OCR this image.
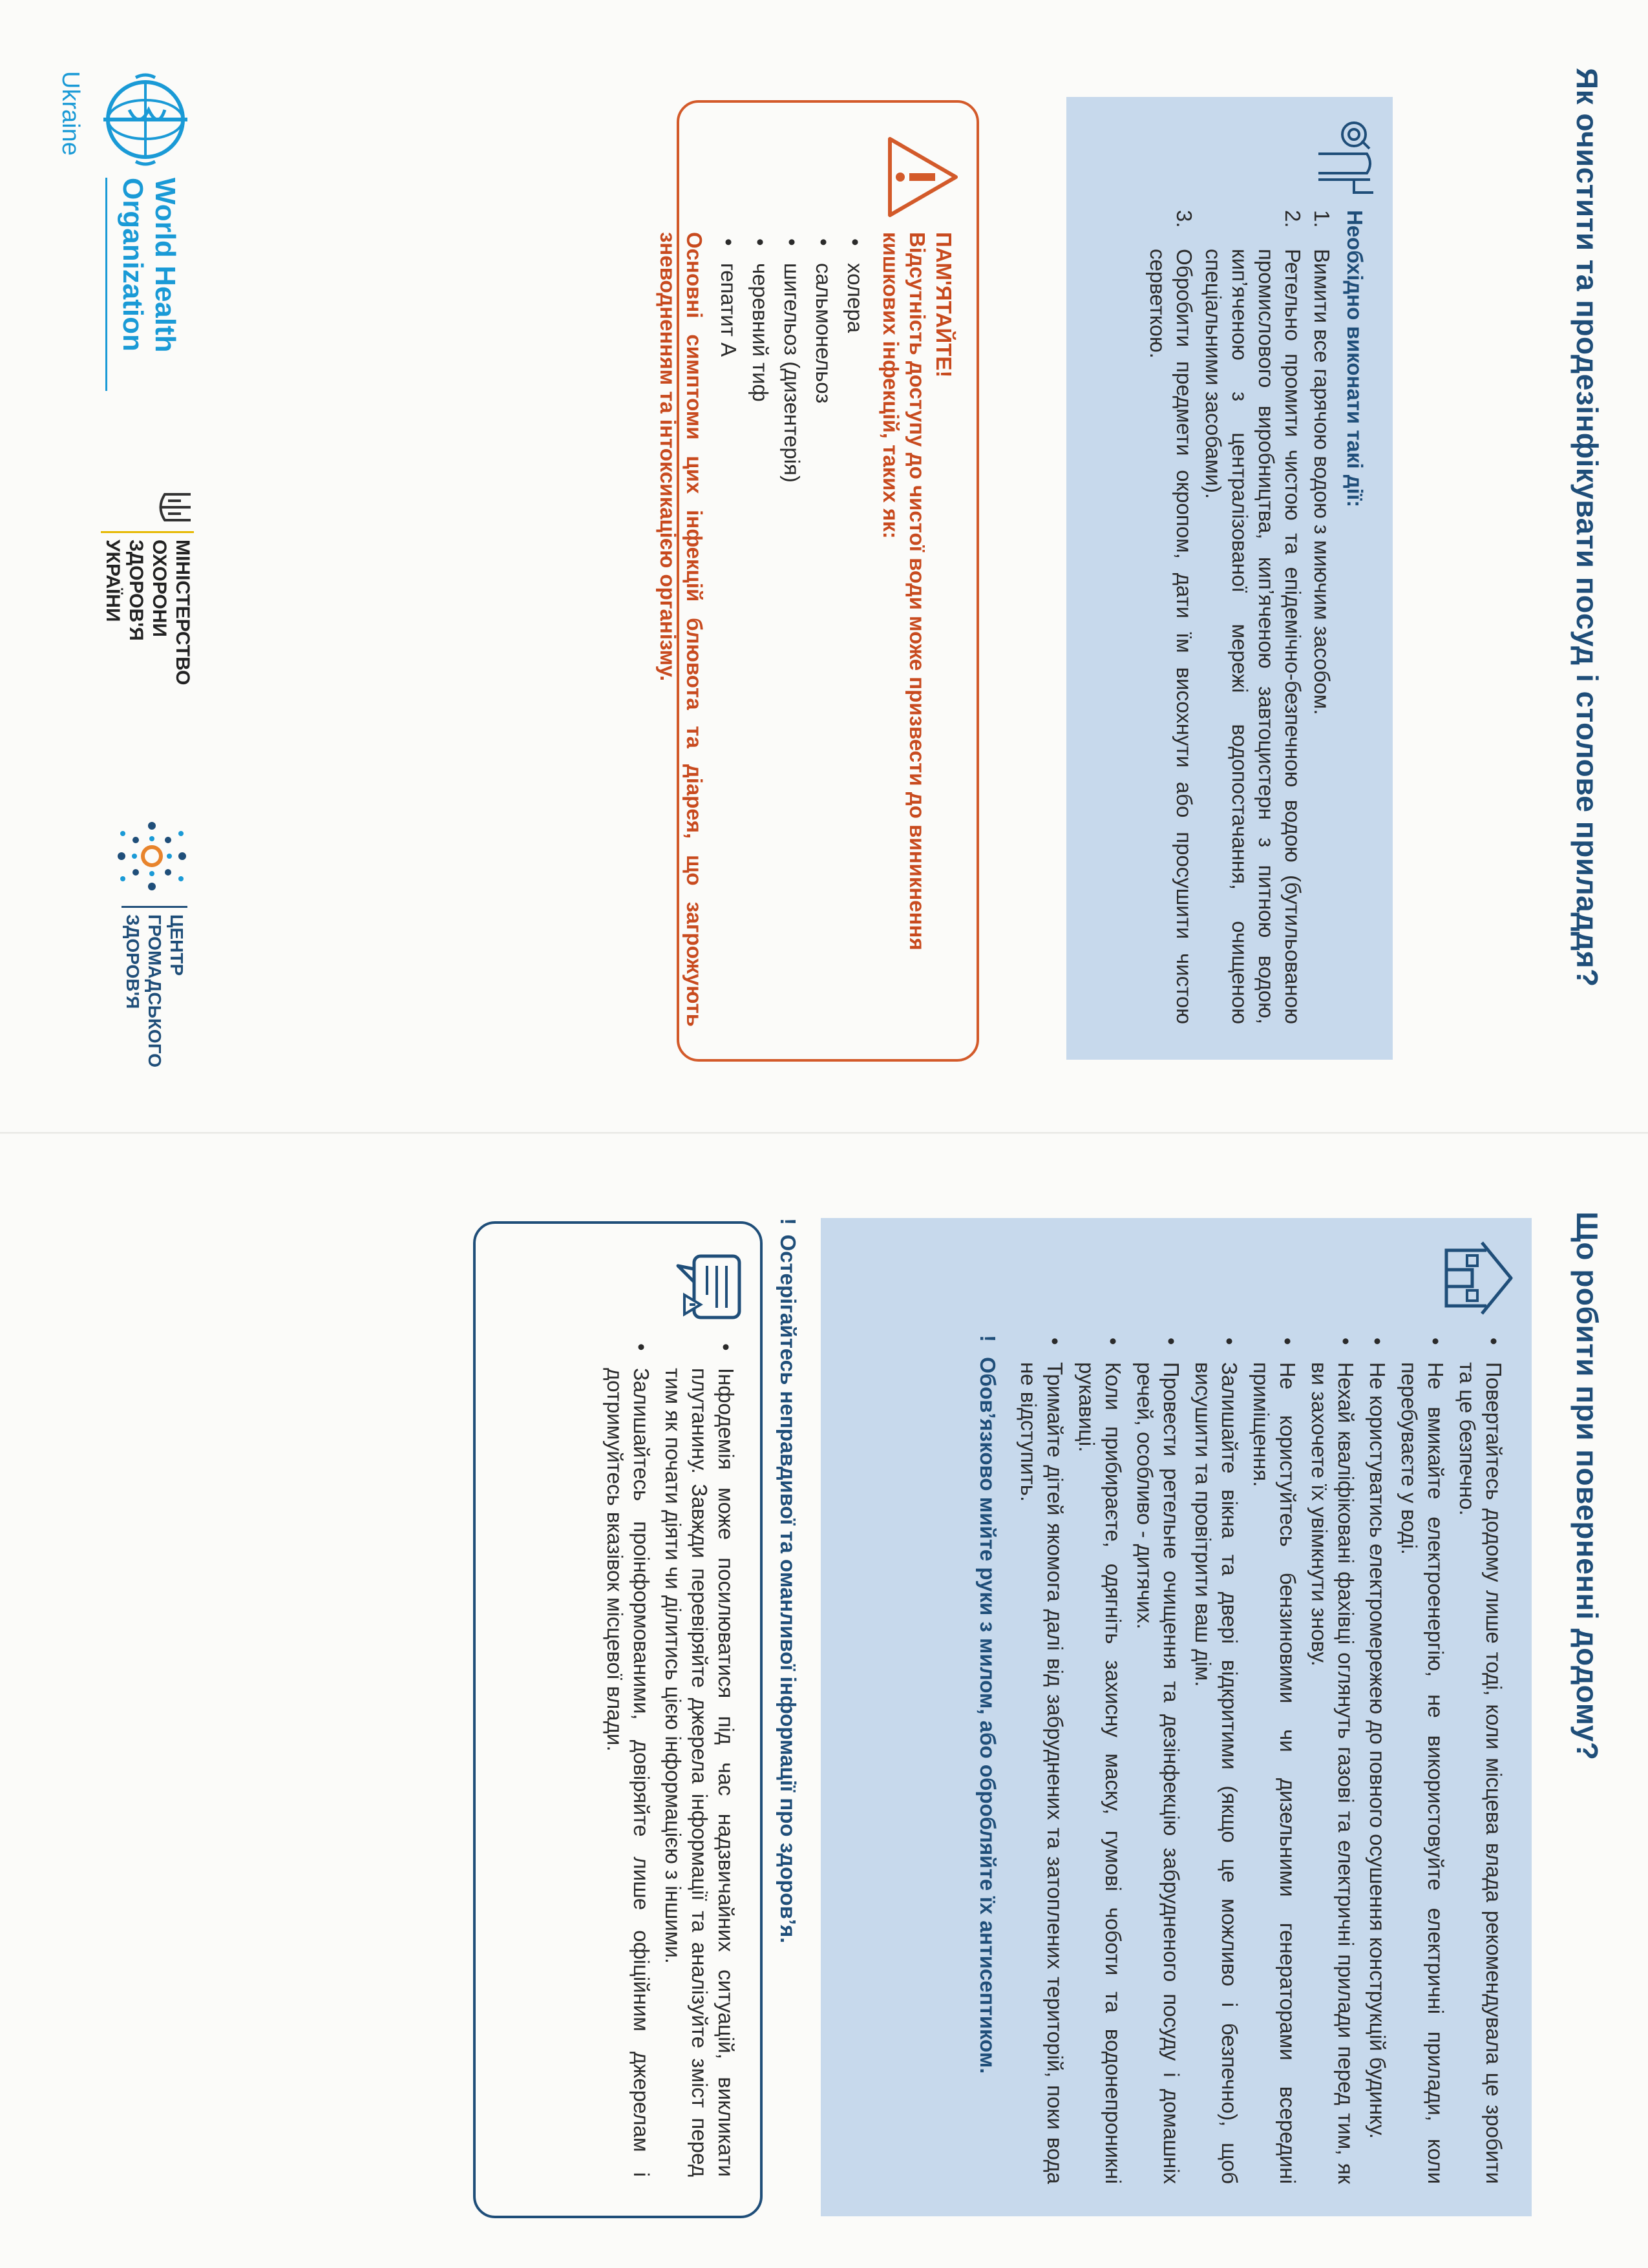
Як очистити та продезінфікувати посуд і столове приладдя?
Необхідно виконати такі дії:
1.
Вимити все гарячою водою з миючим засобом.
2.
Ретельно промити чистою та епідемічно-безпечною водою (бутильованою промислового виробництва, кип’яченою завтоцистерн з питною водою, кип’яченою з централізованої мережі водопостачання, очищеною спеціальними засобами).
3.
Обробити предмети окропом, дати їм висохнути або просушити чистою серветкою.
ПАМ'ЯТАЙТЕ!
Відсутність доступу до чистої води може призвести до виникнення кишкових інфекцій, таких як:
• холера
• сальмонельоз
• шигельоз (дизентерія)
• черевний тиф
• гепатит А
Основні симптоми цих інфекцій блювота та діарея, що загрожують зневодненням та інтоксикацією організму.
World Health
Organization
Ukraine
МІНІСТЕРСТВО
ОХОРОНИ
ЗДОРОВ'Я
УКРАЇНИ
ЦЕНТР
ГРОМАДСЬКОГО
ЗДОРОВ'Я
Що робити при поверненні додому?
• Повертайтесь додому лише тоді, коли місцева влада рекомендувала це зробити та це безпечно.
• Не вмикайте електроенергію, не використовуйте електричні прилади, коли перебуваєте у воді.
• Не користуватись електромережею до повного осушення конструкцій будинку.
• Нехай кваліфіковані фахівці оглянуть газові та електричні прилади перед тим, як ви захочете їх увімкнути знову.
• Не користуйтесь бензиновими чи дизельними генераторами всередині приміщення.
• Залишайте вікна та двері відкритими (якщо це можливо і безпечно), щоб висушити та провітрити ваш дім.
• Провести ретельне очищення та дезінфекцію забрудненого посуду і домашніх речей, особливо - дитячих.
• Коли прибираєте, одягніть захисну маску, гумові чоботи та водонепроникні рукавиці.
• Тримайте дітей якомога далі від забруднених та затоплених територій, поки вода не відступить.
!
Обов’язково мийте руки з милом, або обробляйте їх антисептиком.
! Остерігайтесь неправдивої та оманливої інформації про здоров’я.
• Інфодемія може посилюватися під час надзвичайних ситуацій, викликати плутанину. Завжди перевіряйте джерела інформації та аналізуйте зміст перед тим як почати діяти чи ділитись цією інформацією з іншими.
• Залишайтесь проінформованими, довіряйте лише офіційним джерелам і дотримуйтесь вказівок місцевої влади.
